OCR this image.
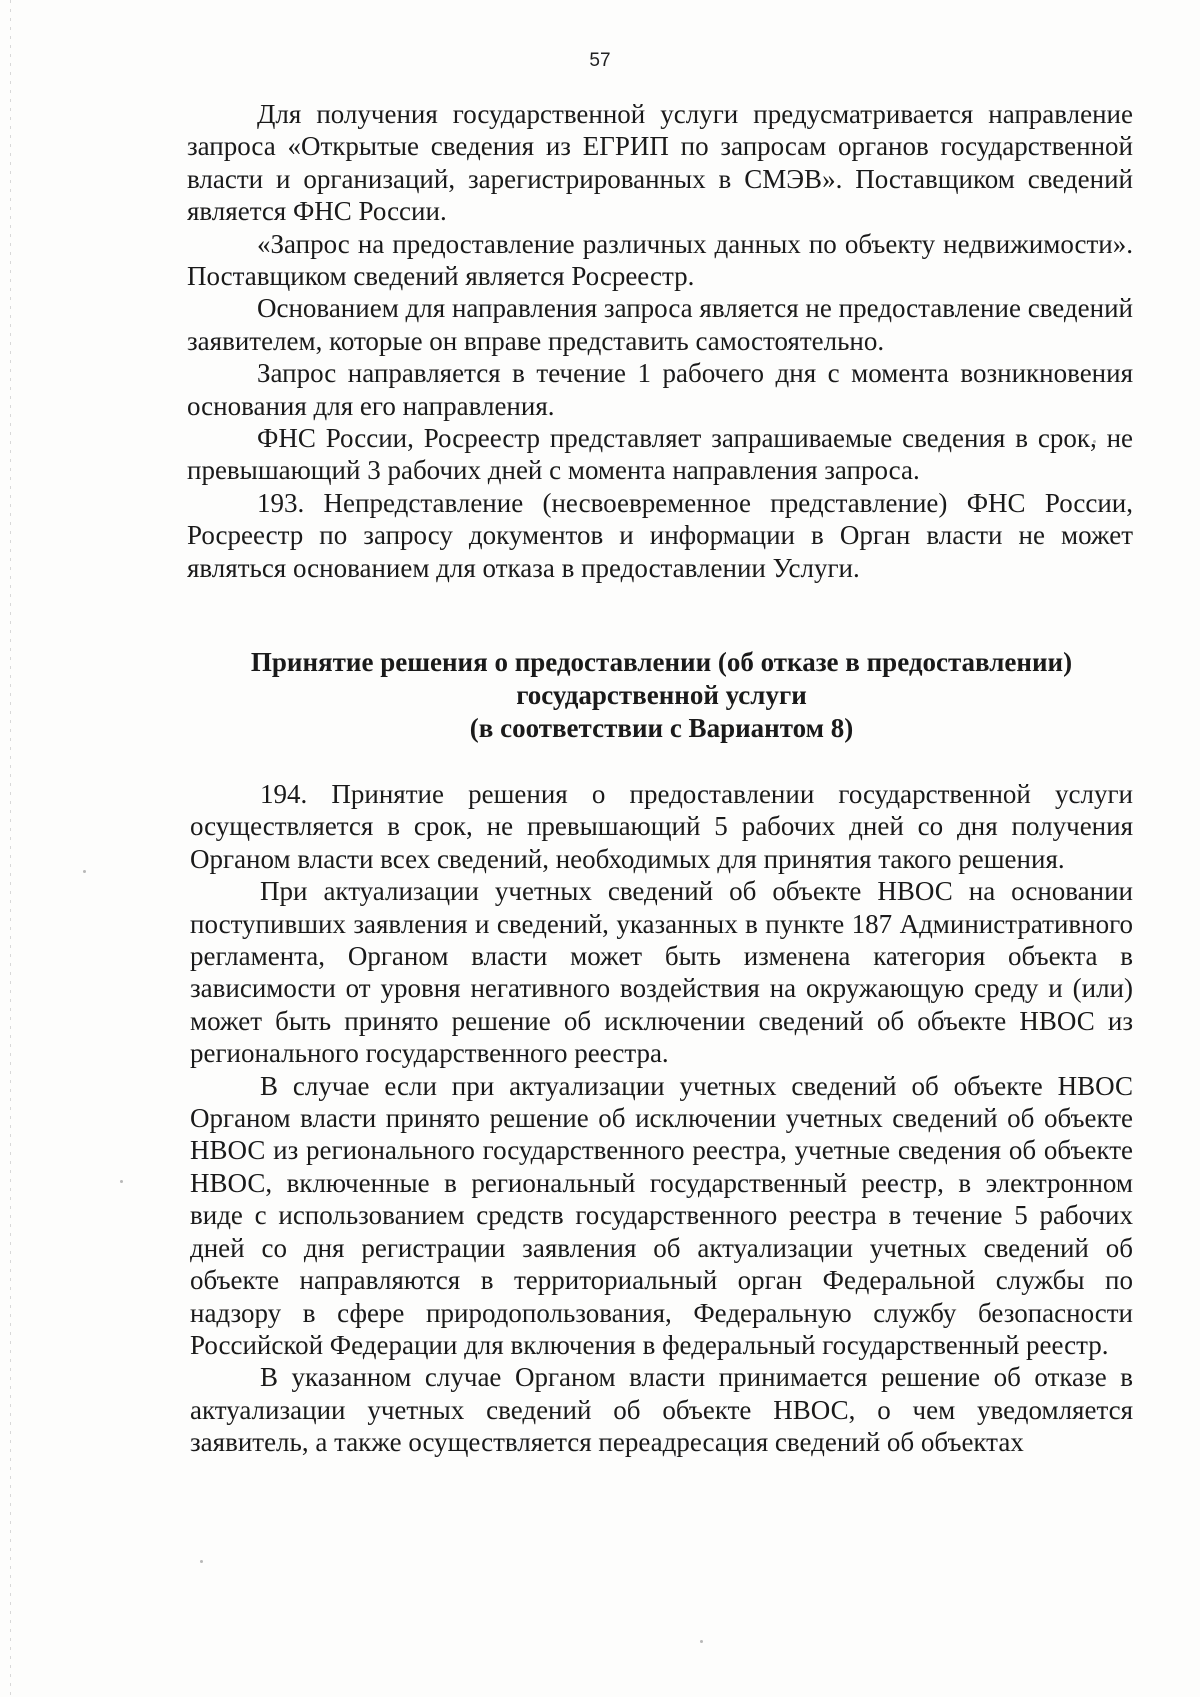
57

Для получения государственной услуги предусматривается направление запроса «Открытые сведения из ЕГРИП по запросам органов государственной власти и организаций, зарегистрированных в СМЭВ». Поставщиком сведений является ФНС России.

«Запрос на предоставление различных данных по объекту недвижимости». Поставщиком сведений является Росреестр.

Основанием для направления запроса является не предоставление сведений заявителем, которые он вправе представить самостоятельно.

Запрос направляется в течение 1 рабочего дня с момента возникновения основания для его направления.

ФНС России, Росреестр представляет запрашиваемые сведения в срок, не превышающий 3 рабочих дней с момента направления запроса.

193. Непредставление (несвоевременное представление) ФНС России, Росреестр по запросу документов и информации в Орган власти не может являться основанием для отказа в предоставлении Услуги.

Принятие решения о предоставлении (об отказе в предоставлении)
государственной услуги
(в соответствии с Вариантом 8)

194. Принятие решения о предоставлении государственной услуги осуществляется в срок, не превышающий 5 рабочих дней со дня получения Органом власти всех сведений, необходимых для принятия такого решения.

При актуализации учетных сведений об объекте НВОС на основании поступивших заявления и сведений, указанных в пункте 187 Административного регламента, Органом власти может быть изменена категория объекта в зависимости от уровня негативного воздействия на окружающую среду и (или) может быть принято решение об исключении сведений об объекте НВОС из регионального государственного реестра.

В случае если при актуализации учетных сведений об объекте НВОС Органом власти принято решение об исключении учетных сведений об объекте НВОС из регионального государственного реестра, учетные сведения об объекте НВОС, включенные в региональный государственный реестр, в электронном виде с использованием средств государственного реестра в течение 5 рабочих дней со дня регистрации заявления об актуализации учетных сведений об объекте направляются в территориальный орган Федеральной службы по надзору в сфере природопользования, Федеральную службу безопасности Российской Федерации для включения в федеральный государственный реестр.

В указанном случае Органом власти принимается решение об отказе в актуализации учетных сведений об объекте НВОС, о чем уведомляется заявитель, а также осуществляется переадресация сведений об объектах
